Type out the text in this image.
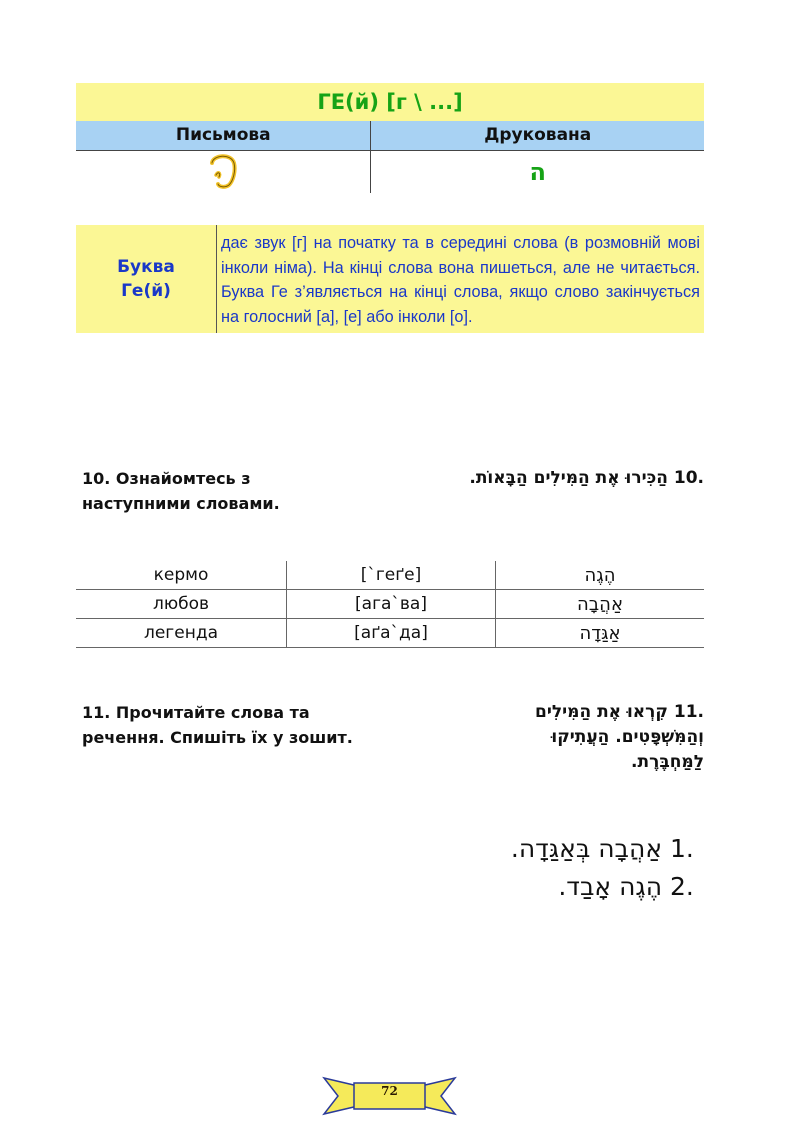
ГЕ(й) [г \ ...]	
Письмова	Друкована
	ה
Буква
Ге(й)
	дає звук [г] на початку та в середині слова (в розмовній мові інколи німа). На кінці слова вона пишеться, але не читається. Буква Ге з’являється на кінці слова, якщо слово закінчується на голосний [а], [е] або інколи [о].
10. Ознайомтесь з наступними словами.
.10 הַכִּירוּ אֶת הַמִּילִים הַבָּאוֹת.
кермо	[`геґе]	הֶגֶה
любов	[ага`ва]	אַהֲבָה
легенда	[аґа`да]	אַגַּדָה
11. Прочитайте слова та речення. Спишіть їх у зошит.
.11 קִרְאוּ אֶת הַמִּילִים
וְהַמִּשְׁפָּטִים. הַעֲתִיקוּ
לַמַּחְבֶּרֶת.
1. אַהֲבָה בְּאַגַּדָה.
2. הֶגֶה אָבַד.
72
